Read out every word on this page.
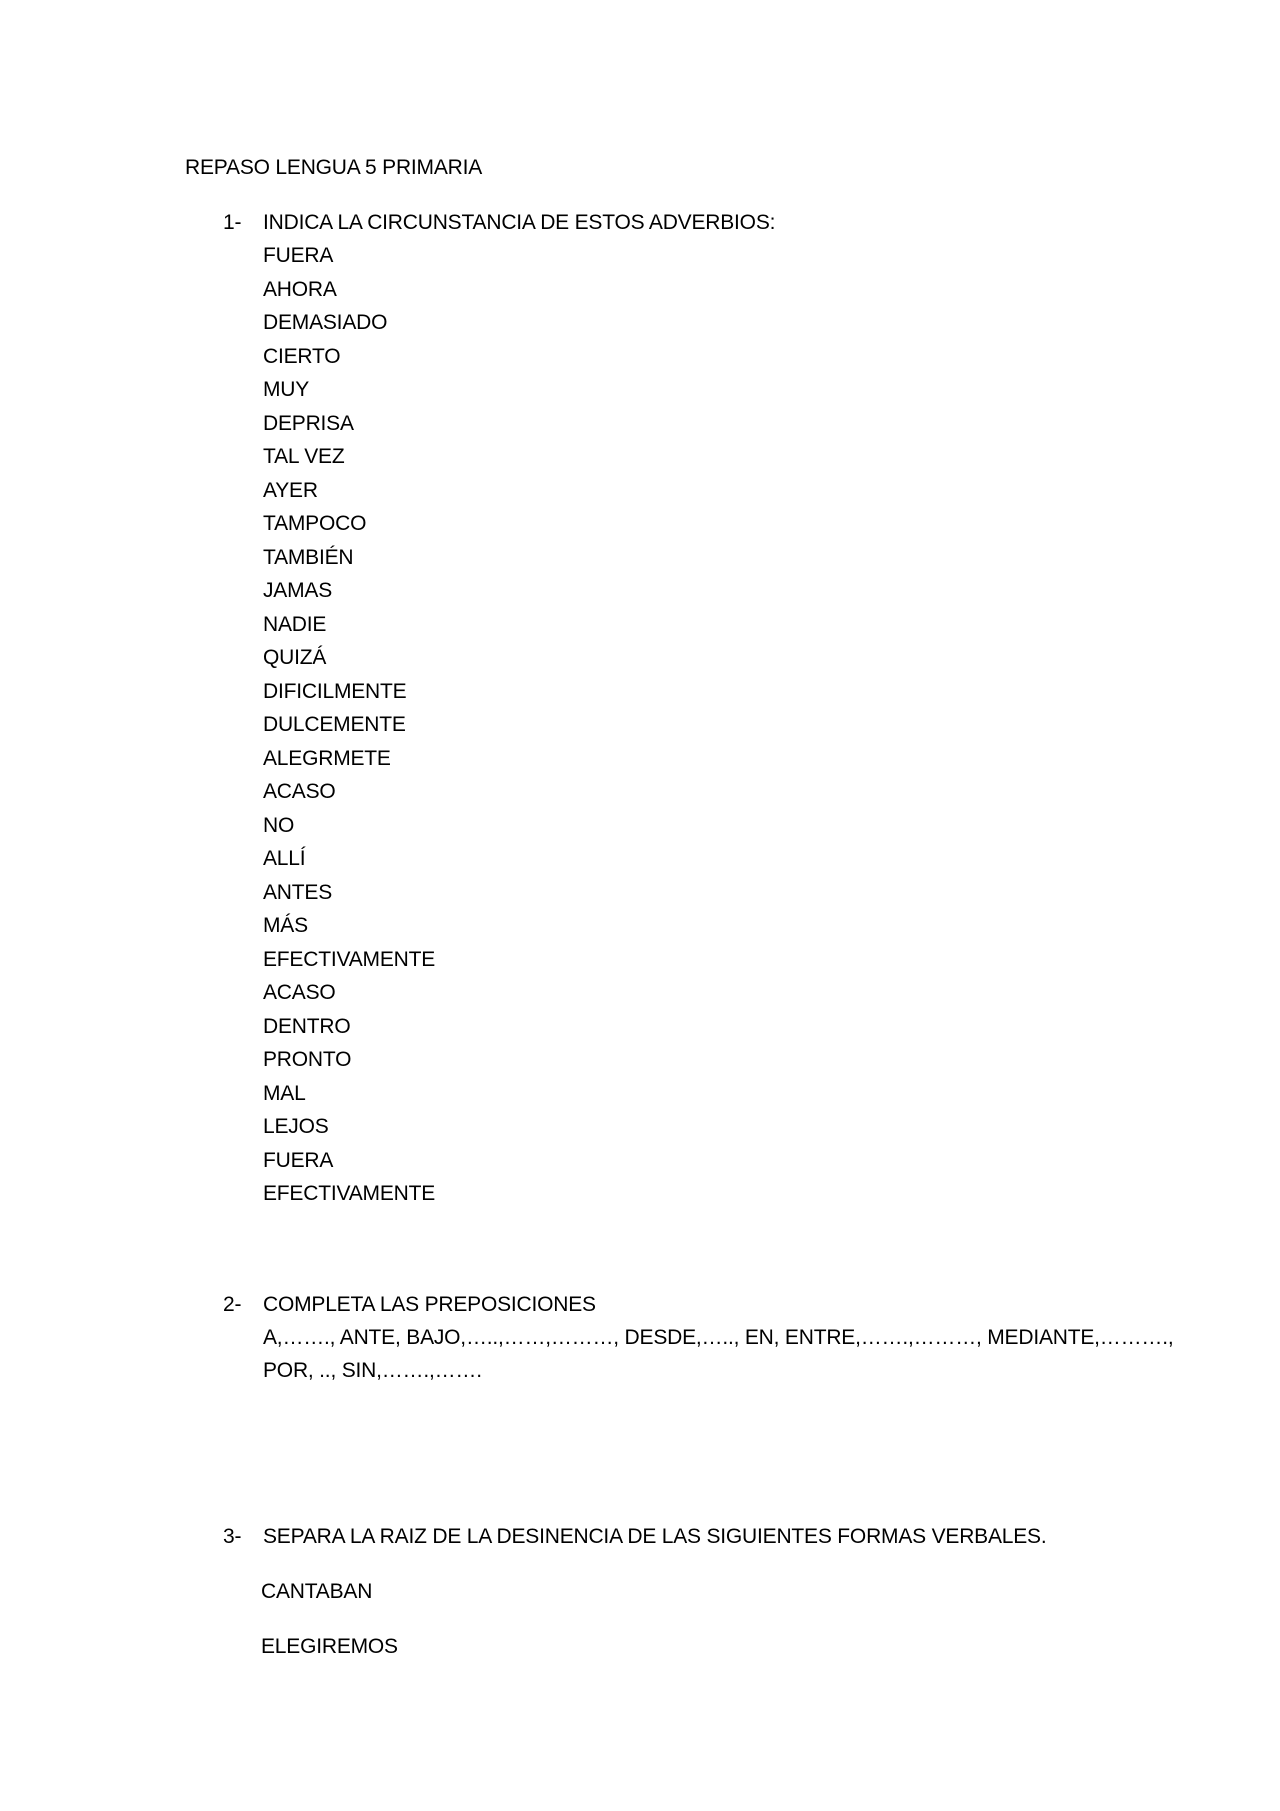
REPASO LENGUA 5 PRIMARIA
1- INDICA LA CIRCUNSTANCIA DE ESTOS ADVERBIOS:
FUERA
AHORA
DEMASIADO
CIERTO
MUY
DEPRISA
TAL VEZ
AYER
TAMPOCO
TAMBIÉN
JAMAS
NADIE
QUIZÁ
DIFICILMENTE
DULCEMENTE
ALEGRMETE
ACASO
NO
ALLÍ
ANTES
MÁS
EFECTIVAMENTE
ACASO
DENTRO
PRONTO
MAL
LEJOS
FUERA
EFECTIVAMENTE
2- COMPLETA LAS PREPOSICIONES
A,……., ANTE, BAJO,…..,……,………, DESDE,….., EN, ENTRE,…….,………, MEDIANTE,……….,
POR, .., SIN,…….,…….
3- SEPARA LA RAIZ DE LA DESINENCIA DE LAS SIGUIENTES FORMAS VERBALES.
CANTABAN
ELEGIREMOS
